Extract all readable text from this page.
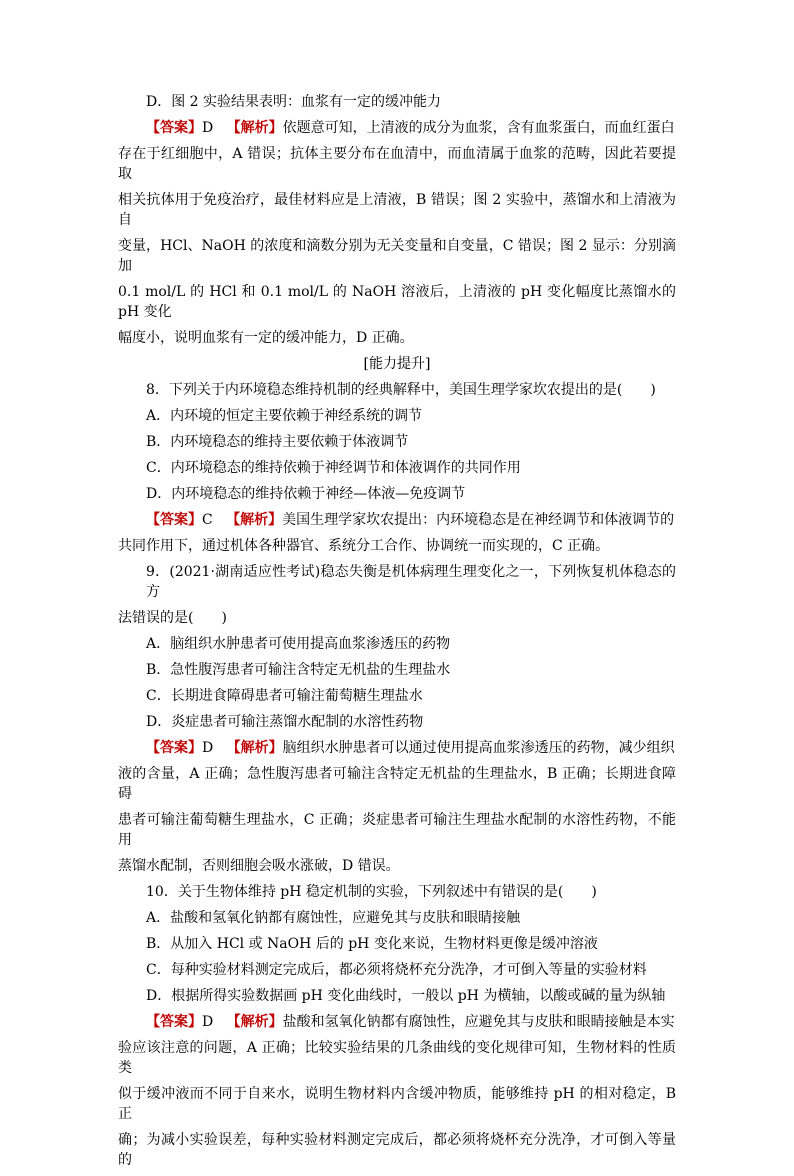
D．图 2 实验结果表明：血浆有一定的缓冲能力

【答案】D 【解析】依题意可知，上清液的成分为血浆，含有血浆蛋白，而血红蛋白

存在于红细胞中，A 错误；抗体主要分布在血清中，而血清属于血浆的范畴，因此若要提取

相关抗体用于免疫治疗，最佳材料应是上清液，B 错误；图 2 实验中，蒸馏水和上清液为自

变量，HCl、NaOH 的浓度和滴数分别为无关变量和自变量，C 错误；图 2 显示：分别滴加

0.1 mol/L 的 HCl 和 0.1 mol/L 的 NaOH 溶液后，上清液的 pH 变化幅度比蒸馏水的 pH 变化

幅度小，说明血浆有一定的缓冲能力，D 正确。

[能力提升]

8．下列关于内环境稳态维持机制的经典解释中，美国生理学家坎农提出的是(　　)

A．内环境的恒定主要依赖于神经系统的调节

B．内环境稳态的维持主要依赖于体液调节

C．内环境稳态的维持依赖于神经调节和体液调作的共同作用

D．内环境稳态的维持依赖于神经—体液—免疫调节

【答案】C 【解析】美国生理学家坎农提出：内环境稳态是在神经调节和体液调节的

共同作用下，通过机体各种器官、系统分工合作、协调统一而实现的，C 正确。

9．(2021·湖南适应性考试)稳态失衡是机体病理生理变化之一，下列恢复机体稳态的方

法错误的是(　　)

A．脑组织水肿患者可使用提高血浆渗透压的药物

B．急性腹泻患者可输注含特定无机盐的生理盐水

C．长期进食障碍患者可输注葡萄糖生理盐水

D．炎症患者可输注蒸馏水配制的水溶性药物

【答案】D 【解析】脑组织水肿患者可以通过使用提高血浆渗透压的药物，减少组织

液的含量，A 正确；急性腹泻患者可输注含特定无机盐的生理盐水，B 正确；长期进食障碍

患者可输注葡萄糖生理盐水，C 正确；炎症患者可输注生理盐水配制的水溶性药物，不能用

蒸馏水配制，否则细胞会吸水涨破，D 错误。

10．关于生物体维持 pH 稳定机制的实验，下列叙述中有错误的是(　　)

A．盐酸和氢氧化钠都有腐蚀性，应避免其与皮肤和眼睛接触

B．从加入 HCl 或 NaOH 后的 pH 变化来说，生物材料更像是缓冲溶液

C．每种实验材料测定完成后，都必须将烧杯充分洗净，才可倒入等量的实验材料

D．根据所得实验数据画 pH 变化曲线时，一般以 pH 为横轴，以酸或碱的量为纵轴

【答案】D 【解析】盐酸和氢氧化钠都有腐蚀性，应避免其与皮肤和眼睛接触是本实

验应该注意的问题，A 正确；比较实验结果的几条曲线的变化规律可知，生物材料的性质类

似于缓冲液而不同于自来水，说明生物材料内含缓冲物质，能够维持 pH 的相对稳定，B 正

确；为减小实验误差，每种实验材料测定完成后，都必须将烧杯充分洗净，才可倒入等量的
